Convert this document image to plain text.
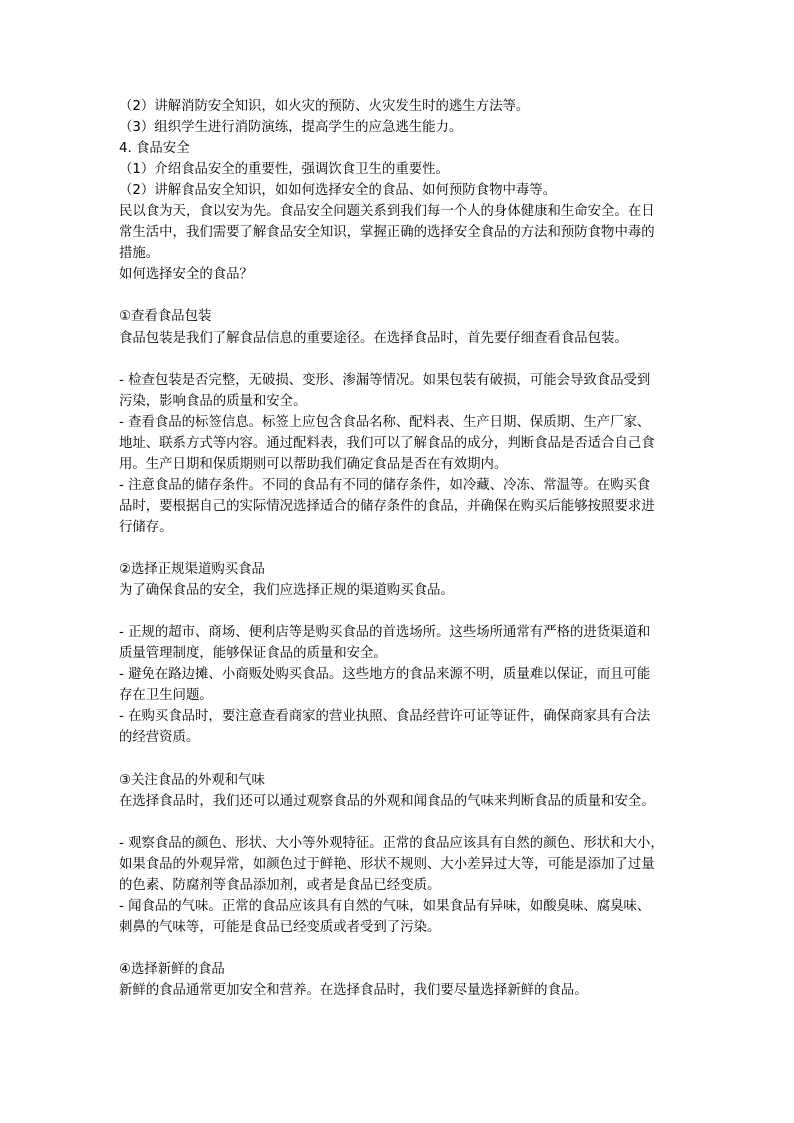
（2）讲解消防安全知识，如火灾的预防、火灾发生时的逃生方法等。
（3）组织学生进行消防演练，提高学生的应急逃生能力。
4. 食品安全
（1）介绍食品安全的重要性，强调饮食卫生的重要性。
（2）讲解食品安全知识，如如何选择安全的食品、如何预防食物中毒等。
民以食为天，食以安为先。食品安全问题关系到我们每一个人的身体健康和生命安全。在日
常生活中，我们需要了解食品安全知识，掌握正确的选择安全食品的方法和预防食物中毒的
措施。
如何选择安全的食品？
①查看食品包装
食品包装是我们了解食品信息的重要途径。在选择食品时，首先要仔细查看食品包装。
- 检查包装是否完整，无破损、变形、渗漏等情况。如果包装有破损，可能会导致食品受到
污染，影响食品的质量和安全。
- 查看食品的标签信息。标签上应包含食品名称、配料表、生产日期、保质期、生产厂家、
地址、联系方式等内容。通过配料表，我们可以了解食品的成分，判断食品是否适合自己食
用。生产日期和保质期则可以帮助我们确定食品是否在有效期内。
- 注意食品的储存条件。不同的食品有不同的储存条件，如冷藏、冷冻、常温等。在购买食
品时，要根据自己的实际情况选择适合的储存条件的食品，并确保在购买后能够按照要求进
行储存。
②选择正规渠道购买食品
为了确保食品的安全，我们应选择正规的渠道购买食品。
- 正规的超市、商场、便利店等是购买食品的首选场所。这些场所通常有严格的进货渠道和
质量管理制度，能够保证食品的质量和安全。
- 避免在路边摊、小商贩处购买食品。这些地方的食品来源不明，质量难以保证，而且可能
存在卫生问题。
- 在购买食品时，要注意查看商家的营业执照、食品经营许可证等证件，确保商家具有合法
的经营资质。
③关注食品的外观和气味
在选择食品时，我们还可以通过观察食品的外观和闻食品的气味来判断食品的质量和安全。
- 观察食品的颜色、形状、大小等外观特征。正常的食品应该具有自然的颜色、形状和大小，
如果食品的外观异常，如颜色过于鲜艳、形状不规则、大小差异过大等，可能是添加了过量
的色素、防腐剂等食品添加剂，或者是食品已经变质。
- 闻食品的气味。正常的食品应该具有自然的气味，如果食品有异味，如酸臭味、腐臭味、
刺鼻的气味等，可能是食品已经变质或者受到了污染。
④选择新鲜的食品
新鲜的食品通常更加安全和营养。在选择食品时，我们要尽量选择新鲜的食品。
